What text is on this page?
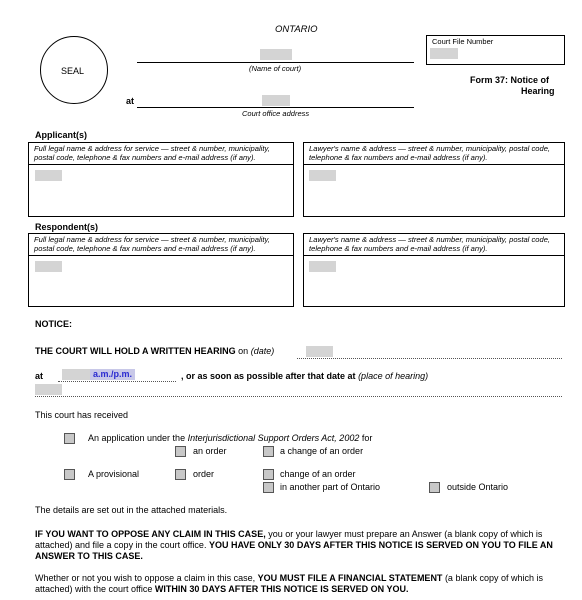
ONTARIO
SEAL	(Name of court)
at
Court office address
Court File Number
Form 37: Notice of
Hearing
Applicant(s)
Full legal name & address for service — street & number, municipality, postal code, telephone & fax numbers and e-mail address (if any).
Lawyer's name & address — street & number, municipality, postal code, telephone & fax numbers and e-mail address (if any).
Respondent(s)
Full legal name & address for service — street & number, municipality, postal code, telephone & fax numbers and e-mail address (if any).
Lawyer's name & address — street & number, municipality, postal code, telephone & fax numbers and e-mail address (if any).
NOTICE:
THE COURT WILL HOLD A WRITTEN HEARING on (date)
at	a.m./p.m.	, or as soon as possible after that date at (place of hearing)
This court has received
An application under the Interjurisdictional Support Orders Act, 2002 for
an order	a change of an order
A provisional	order	change of an order
in another part of Ontario	outside Ontario
The details are set out in the attached materials.

IF YOU WANT TO OPPOSE ANY CLAIM IN THIS CASE, you or your lawyer must prepare an Answer (a blank copy of which is attached) and file a copy in the court office. YOU HAVE ONLY 30 DAYS AFTER THIS NOTICE IS SERVED ON YOU TO FILE AN ANSWER TO THIS CASE.

Whether or not you wish to oppose a claim in this case, YOU MUST FILE A FINANCIAL STATEMENT (a blank copy of which is attached) with the court office WITHIN 30 DAYS AFTER THIS NOTICE IS SERVED ON YOU.
